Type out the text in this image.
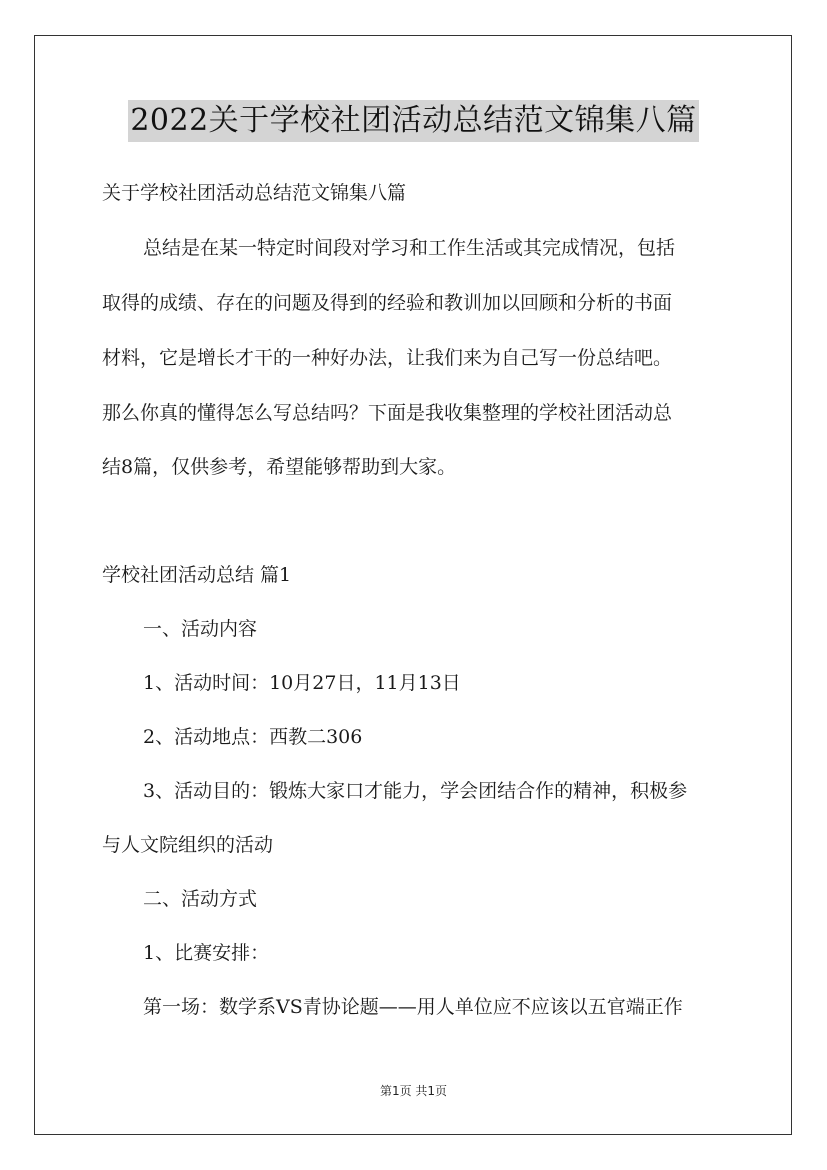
2022关于学校社团活动总结范文锦集八篇
关于学校社团活动总结范文锦集八篇
总结是在某一特定时间段对学习和工作生活或其完成情况，包括
取得的成绩、存在的问题及得到的经验和教训加以回顾和分析的书面
材料，它是增长才干的一种好办法，让我们来为自己写一份总结吧。
那么你真的懂得怎么写总结吗？下面是我收集整理的学校社团活动总
结8篇，仅供参考，希望能够帮助到大家。
学校社团活动总结 篇1
一、活动内容
1、活动时间：10月27日，11月13日
2、活动地点：西教二306
3、活动目的：锻炼大家口才能力，学会团结合作的精神，积极参
与人文院组织的活动
二、活动方式
1、比赛安排：
第一场：数学系VS青协论题——用人单位应不应该以五官端正作
第1页 共1页
